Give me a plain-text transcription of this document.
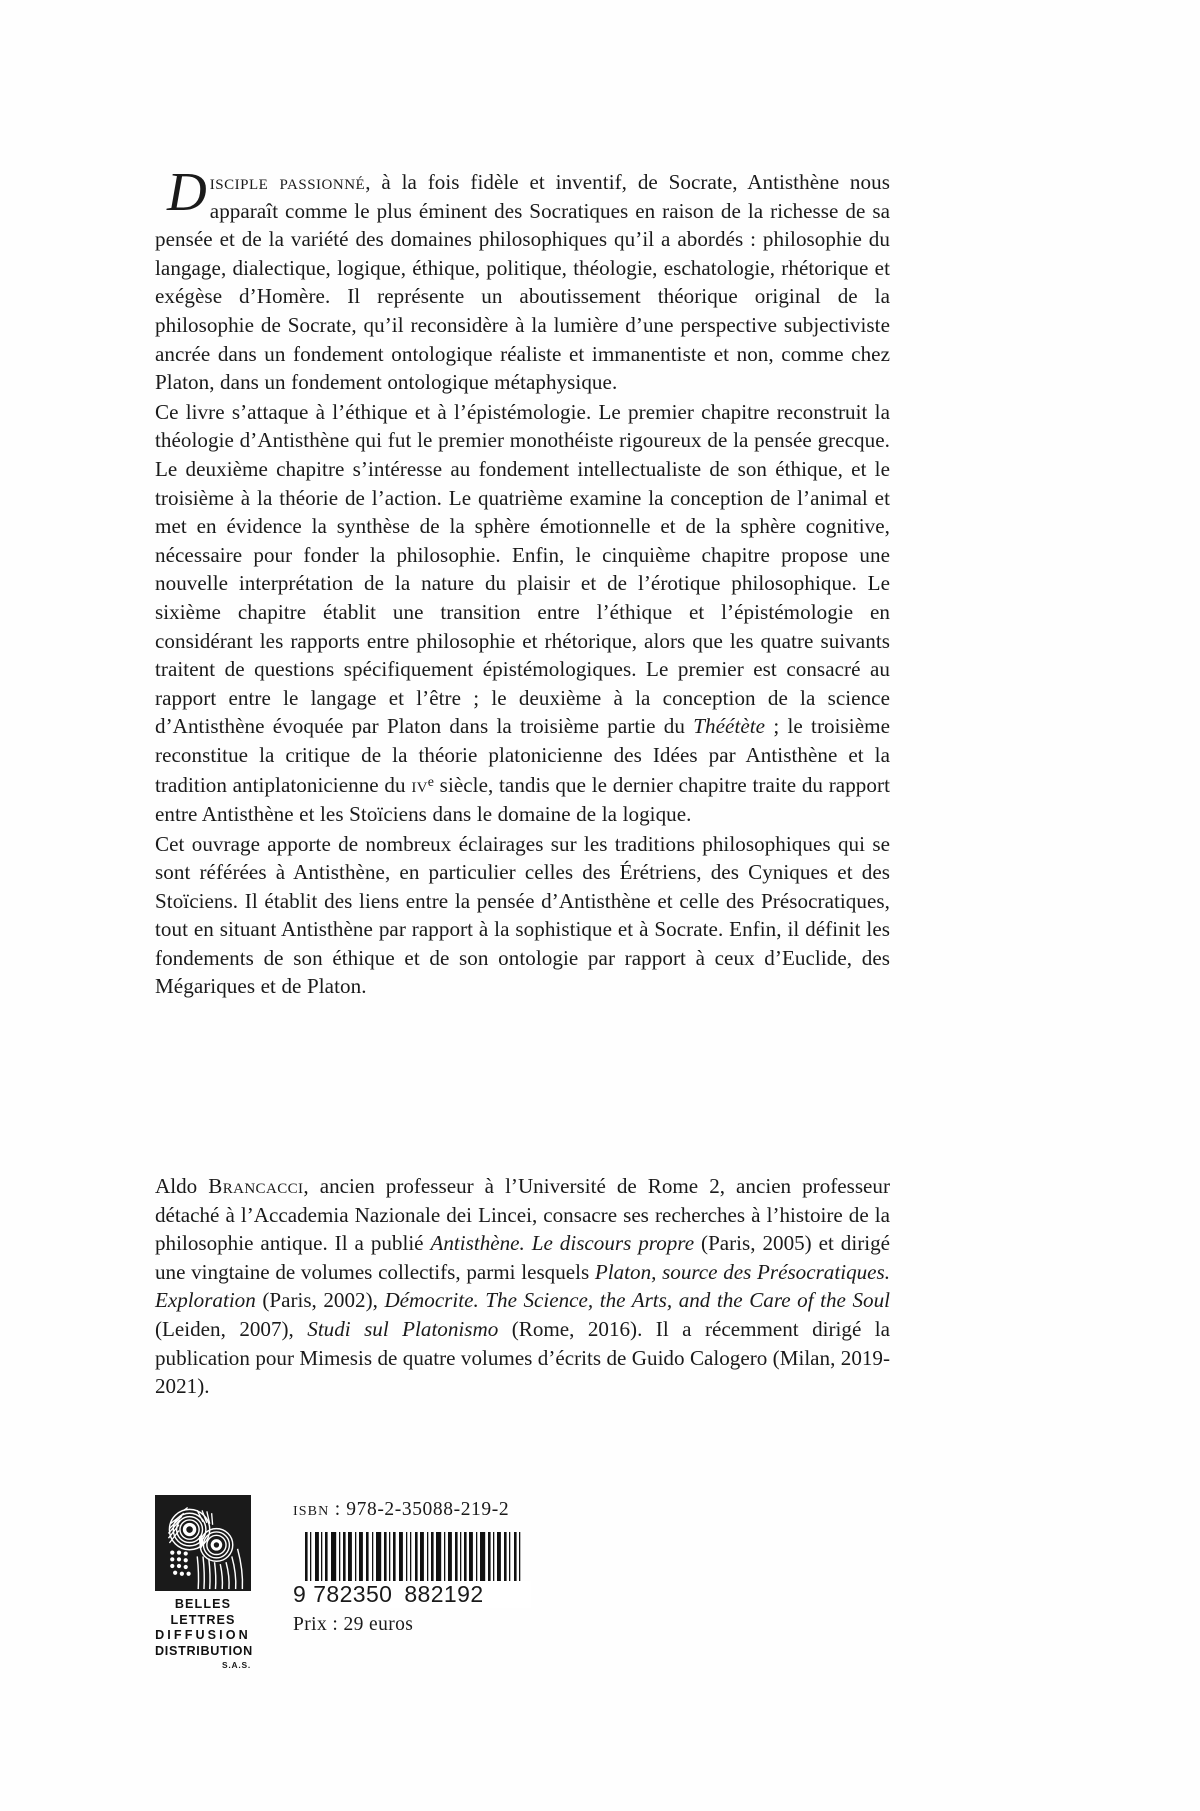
Disciple passionné, à la fois fidèle et inventif, de Socrate, Antisthène nous apparaît comme le plus éminent des Socratiques en raison de la richesse de sa pensée et de la variété des domaines philosophiques qu’il a abordés : philosophie du langage, dialectique, logique, éthique, politique, théologie, eschatologie, rhétorique et exégèse d’Homère. Il représente un aboutissement théorique original de la philosophie de Socrate, qu’il reconsidère à la lumière d’une perspective subjectiviste ancrée dans un fondement ontologique réaliste et immanentiste et non, comme chez Platon, dans un fondement ontologique métaphysique.

Ce livre s’attaque à l’éthique et à l’épistémologie. Le premier chapitre reconstruit la théologie d’Antisthène qui fut le premier monothéiste rigoureux de la pensée grecque. Le deuxième chapitre s’intéresse au fondement intellectualiste de son éthique, et le troisième à la théorie de l’action. Le quatrième examine la conception de l’animal et met en évidence la synthèse de la sphère émotionnelle et de la sphère cognitive, nécessaire pour fonder la philosophie. Enfin, le cinquième chapitre propose une nouvelle interprétation de la nature du plaisir et de l’érotique philosophique. Le sixième chapitre établit une transition entre l’éthique et l’épistémologie en considérant les rapports entre philosophie et rhétorique, alors que les quatre suivants traitent de questions spécifiquement épistémologiques. Le premier est consacré au rapport entre le langage et l’être ; le deuxième à la conception de la science d’Antisthène évoquée par Platon dans la troisième partie du Théétète ; le troisième reconstitue la critique de la théorie platonicienne des Idées par Antisthène et la tradition antiplatonicienne du $iv^e$ siècle, tandis que le dernier chapitre traite du rapport entre Antisthène et les Stoïciens dans le domaine de la logique.

Cet ouvrage apporte de nombreux éclairages sur les traditions philosophiques qui se sont référées à Antisthène, en particulier celles des Érétriens, des Cyniques et des Stoïciens. Il établit des liens entre la pensée d’Antisthène et celle des Présocratiques, tout en situant Antisthène par rapport à la sophistique et à Socrate. Enfin, il définit les fondements de son éthique et de son ontologie par rapport à ceux d’Euclide, des Mégariques et de Platon.

Aldo Brancacci, ancien professeur à l’Université de Rome 2, ancien professeur détaché à l’Accademia Nazionale dei Lincei, consacre ses recherches à l’histoire de la philosophie antique. Il a publié Antisthène. Le discours propre (Paris, 2005) et dirigé une vingtaine de volumes collectifs, parmi lesquels Platon, source des Présocratiques. Exploration (Paris, 2002), Démocrite. The Science, the Arts, and the Care of the Soul (Leiden, 2007), Studi sul Platonismo (Rome, 2016). Il a récemment dirigé la publication pour Mimesis de quatre volumes d’écrits de Guido Calogero (Milan, 2019-2021).

BELLES LETTRES
DIFFUSION
DISTRIBUTION
S.A.S.
isbn : 978-2-35088-219-2
9 782350 882192
Prix : 29 euros
